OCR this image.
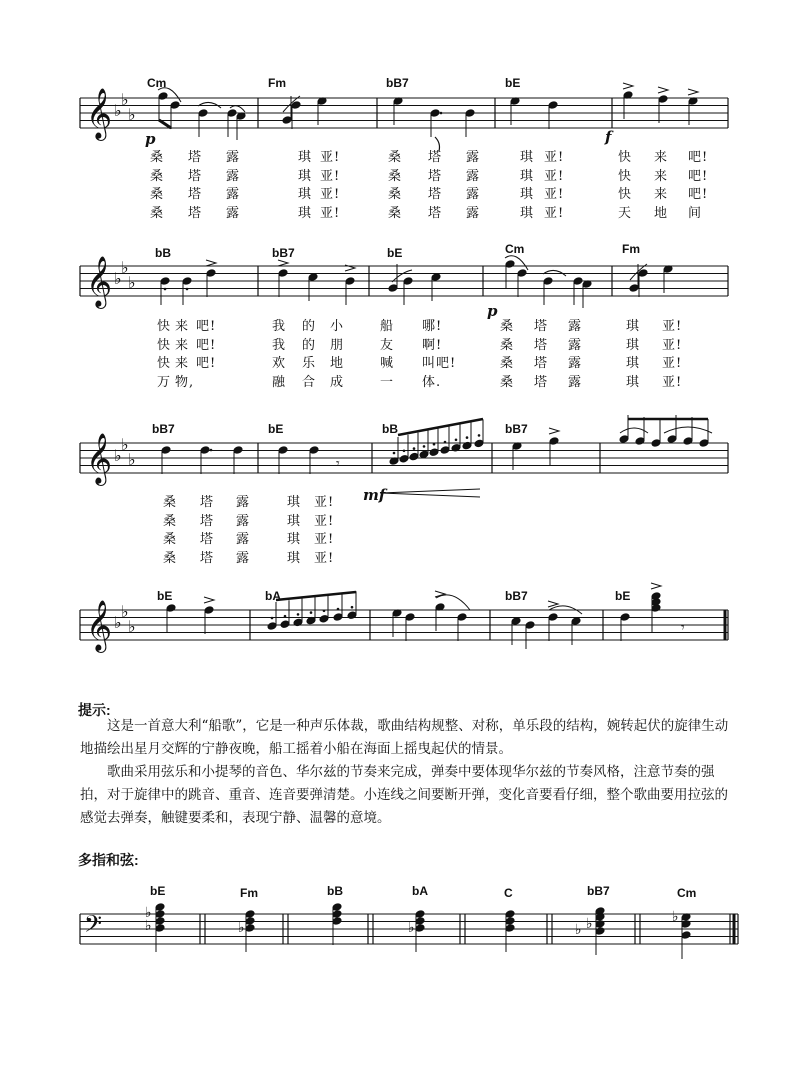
𝄞 ♭
♭
♭
𝄞 ♭
♭
♭
𝄞 ♭
♭
♭
𝄞 ♭
♭
♭	𝄾
𝄾
𝄢	♭
♭	♭	♭	♭ ♭	♭
Cm	Fm	bB7	bE
p	f
桑 塔 露	琪 亚!	桑 塔 露	琪 亚!	快 来 吧!
桑 塔 露	琪 亚!	桑 塔 露	琪 亚!	快 来 吧!
桑 塔 露	琪 亚!	桑 塔 露	琪 亚!	快 来 吧!
桑 塔 露	琪 亚!	桑 塔 露	琪 亚!	天 地 间
bB	bB7	bE	Cm	Fm
p
快 来 吧!	我 的 小	船 哪!	桑 塔 露	琪 亚!
快 来 吧!	我 的 朋	友 啊!	桑 塔 露	琪 亚!
快 来 吧!	欢 乐 地	喊 叫吧!	桑 塔 露	琪 亚!
万 物,	融 合 成	一 体.	桑 塔 露	琪 亚!
bB7	bE	bB	bB7
mf
桑 塔 露	琪 亚!
桑 塔 露	琪 亚!
桑 塔 露	琪 亚!
桑 塔 露	琪 亚!
bE	bA	bB7	bE
提示:
这是一首意大利“船歌”，它是一种声乐体裁，歌曲结构规整、对称，单乐段的结构，婉转起伏的旋律生动地描绘出星月交辉的宁静夜晚，船工摇着小船在海面上摇曳起伏的情景。
歌曲采用弦乐和小提琴的音色、华尔兹的节奏来完成，弹奏中要体现华尔兹的节奏风格，注意节奏的强拍，对于旋律中的跳音、重音、连音要弹清楚。小连线之间要断开弹，变化音要看仔细，整个歌曲要用拉弦的感觉去弹奏，触键要柔和，表现宁静、温馨的意境。
多指和弦:
bE	Fm	bB	bA	C	bB7	Cm
